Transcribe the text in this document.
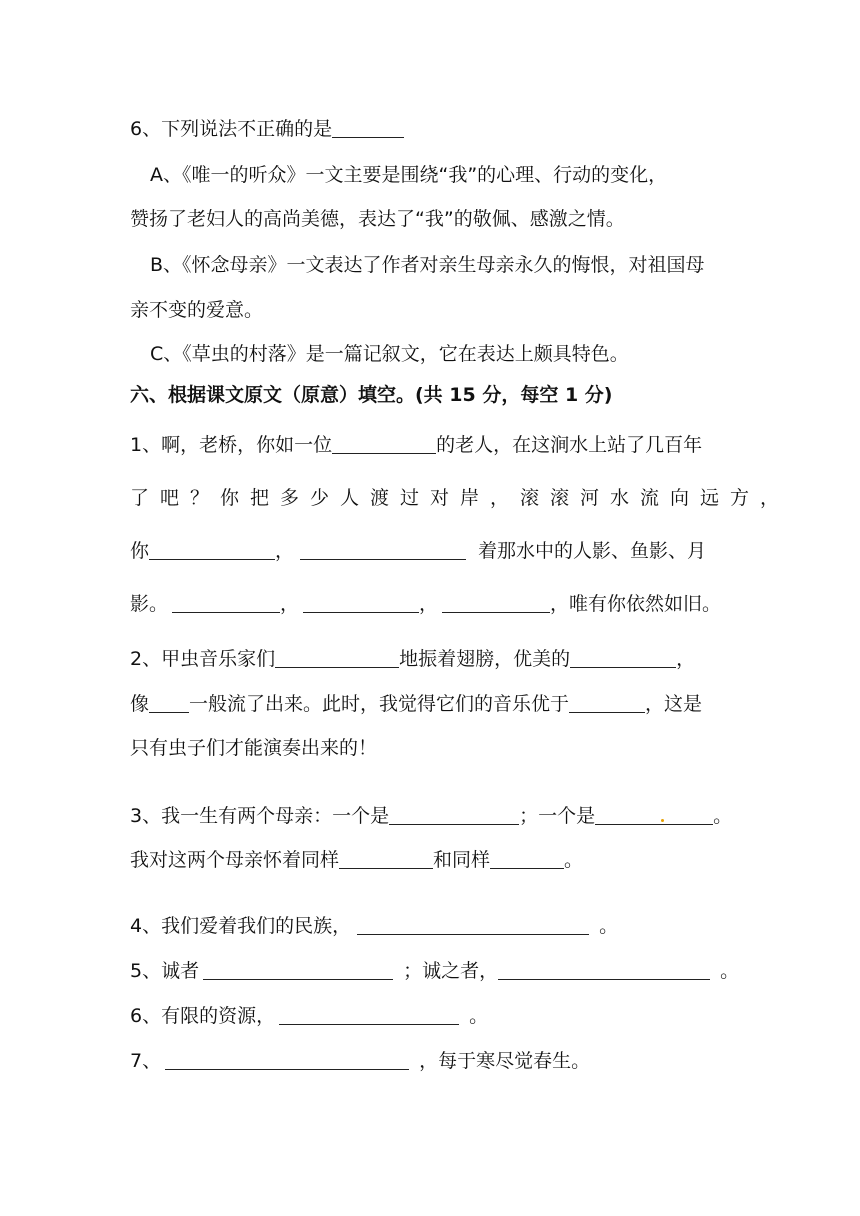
6、下列说法不正确的是
A、《唯一的听众》一文主要是围绕“我”的心理、行动的变化，
赞扬了老妇人的高尚美德，表达了“我”的敬佩、感激之情。
B、《怀念母亲》一文表达了作者对亲生母亲永久的悔恨，对祖国母
亲不变的爱意。
C、《草虫的村落》是一篇记叙文，它在表达上颇具特色。
六、根据课文原文（原意）填空。(共 15 分，每空 1 分)
1、啊，老桥，你如一位	的老人，在这涧水上站了几百年
了吧？你把多少人渡过对岸，滚滚河水流向远方，
你	，	着那水中的人影、鱼影、月
影。	，	，	，唯有你依然如旧。
2、甲虫音乐家们	地振着翅膀，优美的	，
像 一般流了出来。此时，我觉得它们的音乐优于	，这是
只有虫子们才能演奏出来的！
3、我一生有两个母亲：一个是	；一个是	。
我对这两个母亲怀着同样	和同样	。
4、我们爱着我们的民族，	。
5、诚者	；诚之者，	。
6、有限的资源，	。
7、	，每于寒尽觉春生。
